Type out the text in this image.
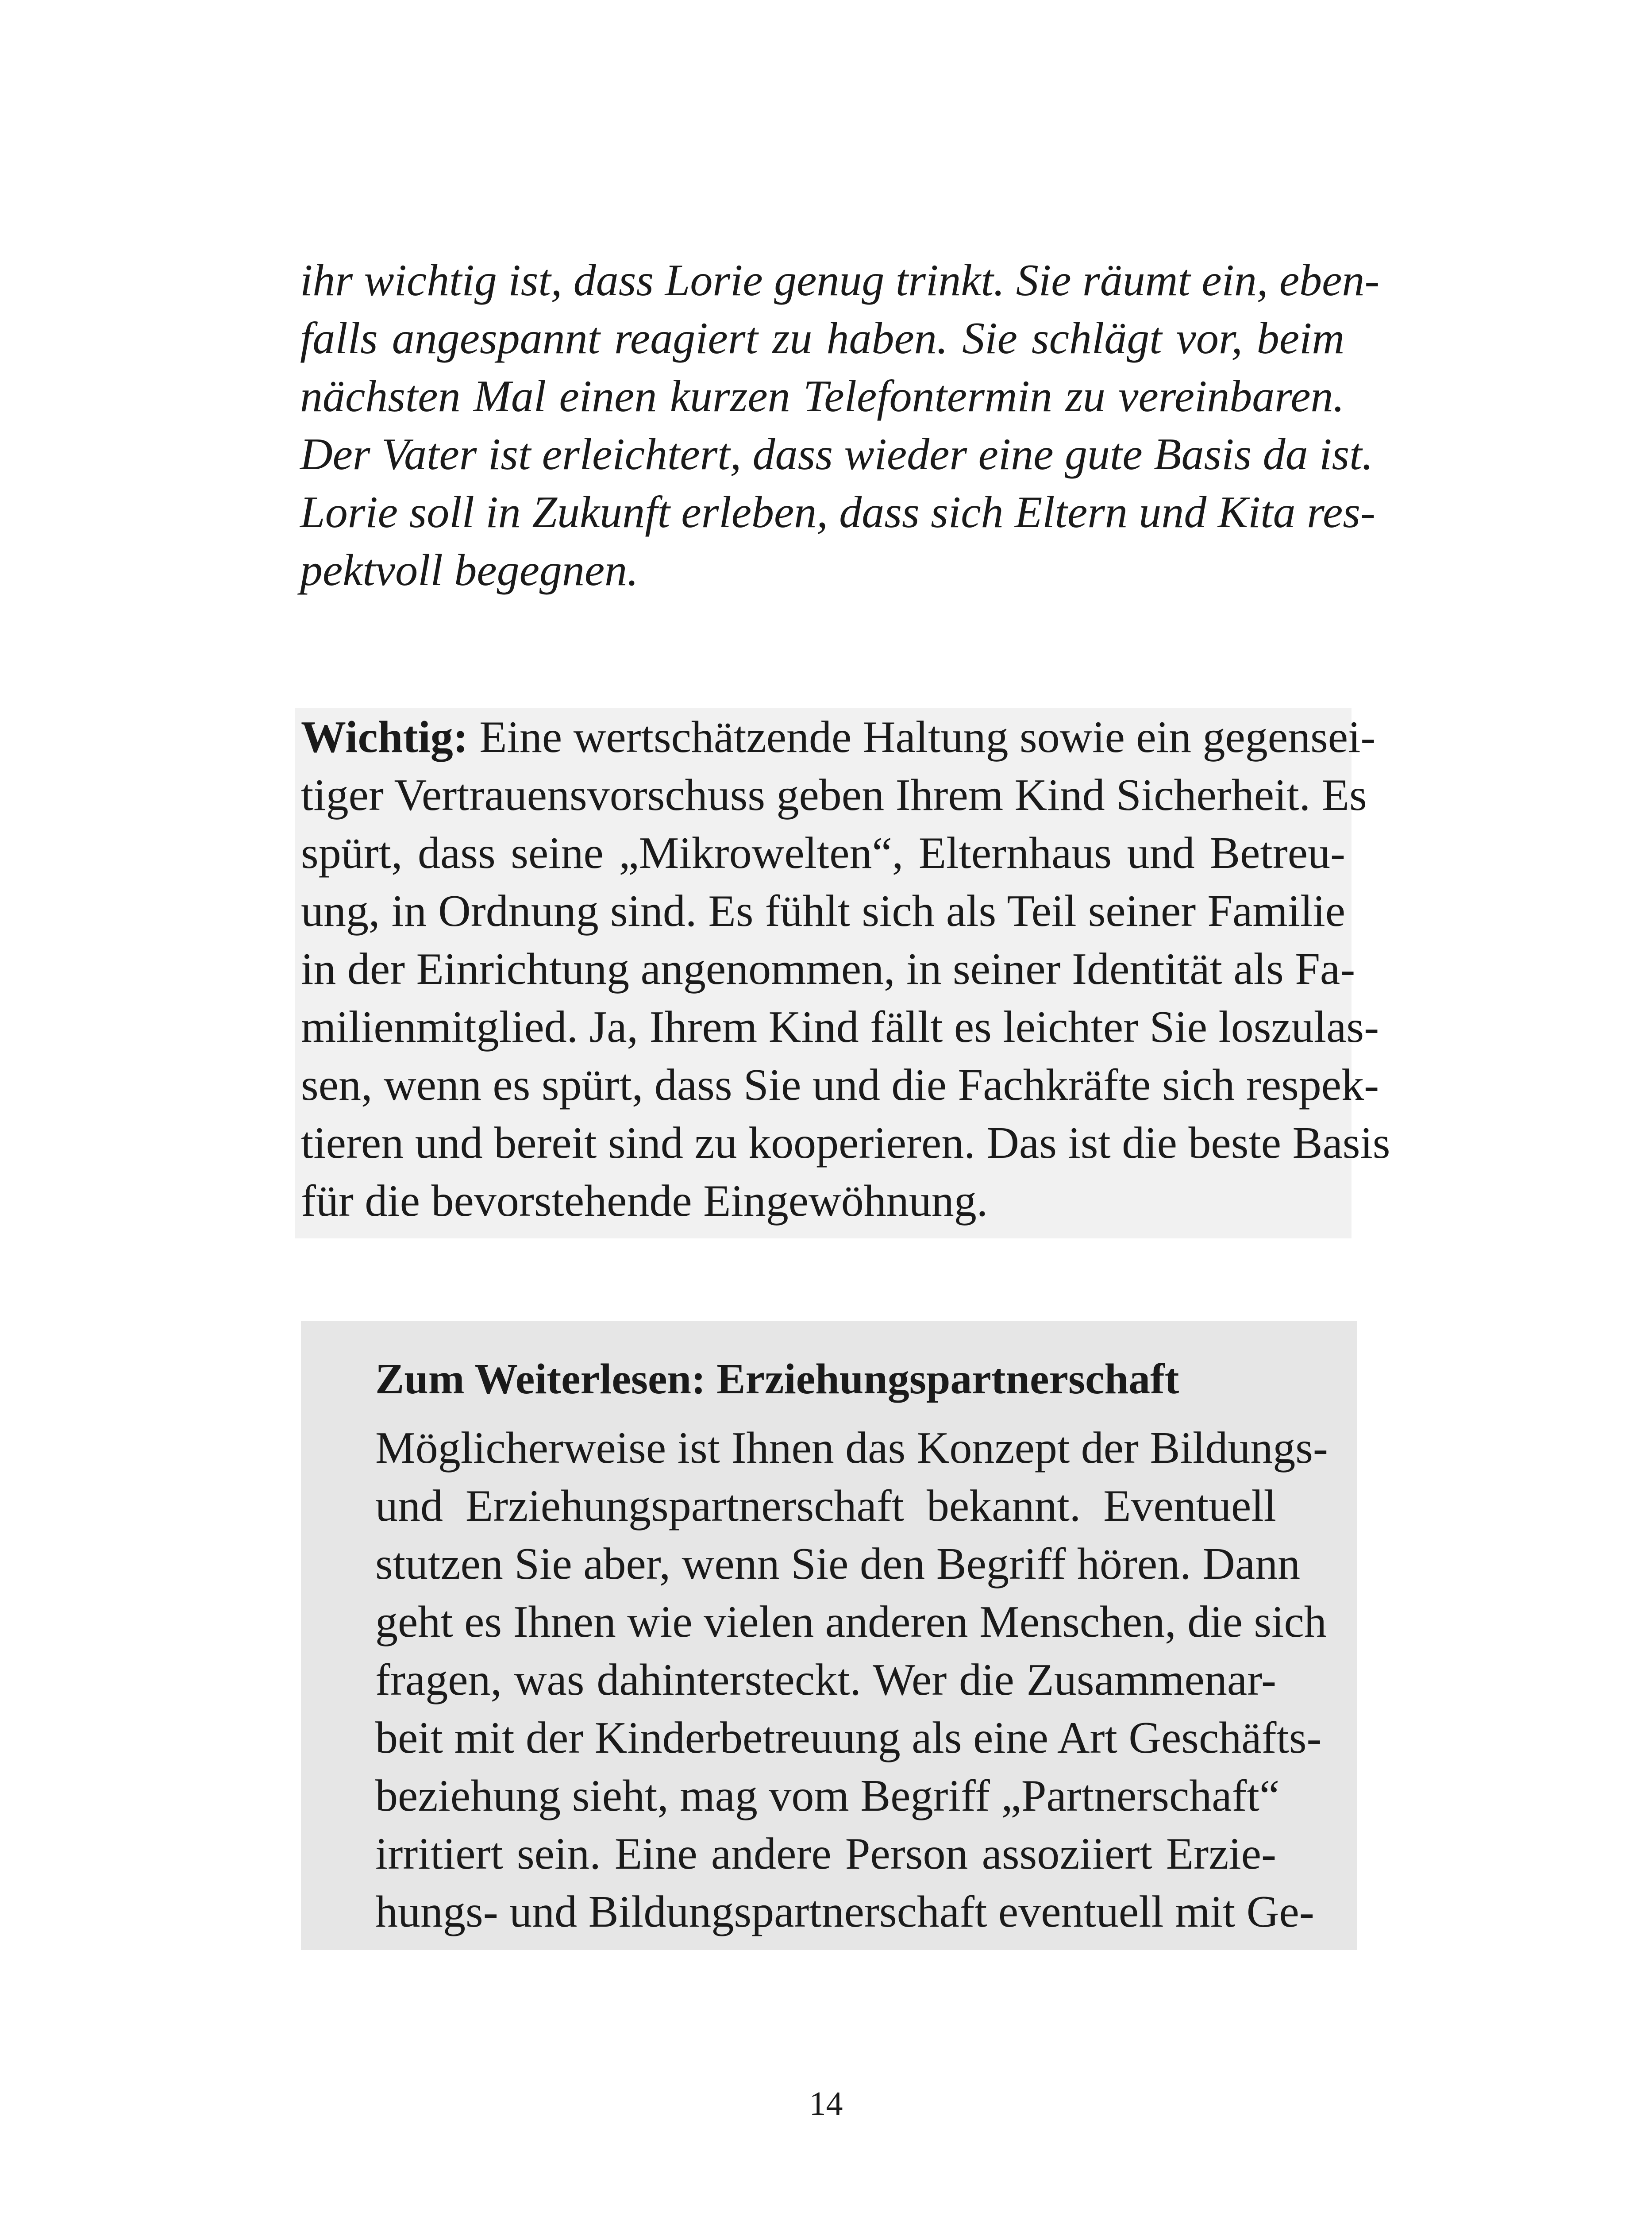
ihr wichtig ist, dass Lorie genug trinkt. Sie räumt ein, eben-
falls angespannt reagiert zu haben. Sie schlägt vor, beim
nächsten Mal einen kurzen Telefontermin zu vereinbaren.
Der Vater ist erleichtert, dass wieder eine gute Basis da ist.
Lorie soll in Zukunft erleben, dass sich Eltern und Kita res-
pektvoll begegnen.
Wichtig: Eine wertschätzende Haltung sowie ein gegensei-
tiger Vertrauensvorschuss geben Ihrem Kind Sicherheit. Es
spürt, dass seine „Mikrowelten“, Elternhaus und Betreu-
ung, in Ordnung sind. Es fühlt sich als Teil seiner Familie
in der Einrichtung angenommen, in seiner Identität als Fa-
milienmitglied. Ja, Ihrem Kind fällt es leichter Sie loszulas-
sen, wenn es spürt, dass Sie und die Fachkräfte sich respek-
tieren und bereit sind zu kooperieren. Das ist die beste Basis
für die bevorstehende Eingewöhnung.
Zum Weiterlesen: Erziehungspartnerschaft
Möglicherweise ist Ihnen das Konzept der Bildungs-
und Erziehungspartnerschaft bekannt. Eventuell
stutzen Sie aber, wenn Sie den Begriff hören. Dann
geht es Ihnen wie vielen anderen Menschen, die sich
fragen, was dahintersteckt. Wer die Zusammenar-
beit mit der Kinderbetreuung als eine Art Geschäfts-
beziehung sieht, mag vom Begriff „Partnerschaft“
irritiert sein. Eine andere Person assoziiert Erzie-
hungs- und Bildungspartnerschaft eventuell mit Ge-
14
